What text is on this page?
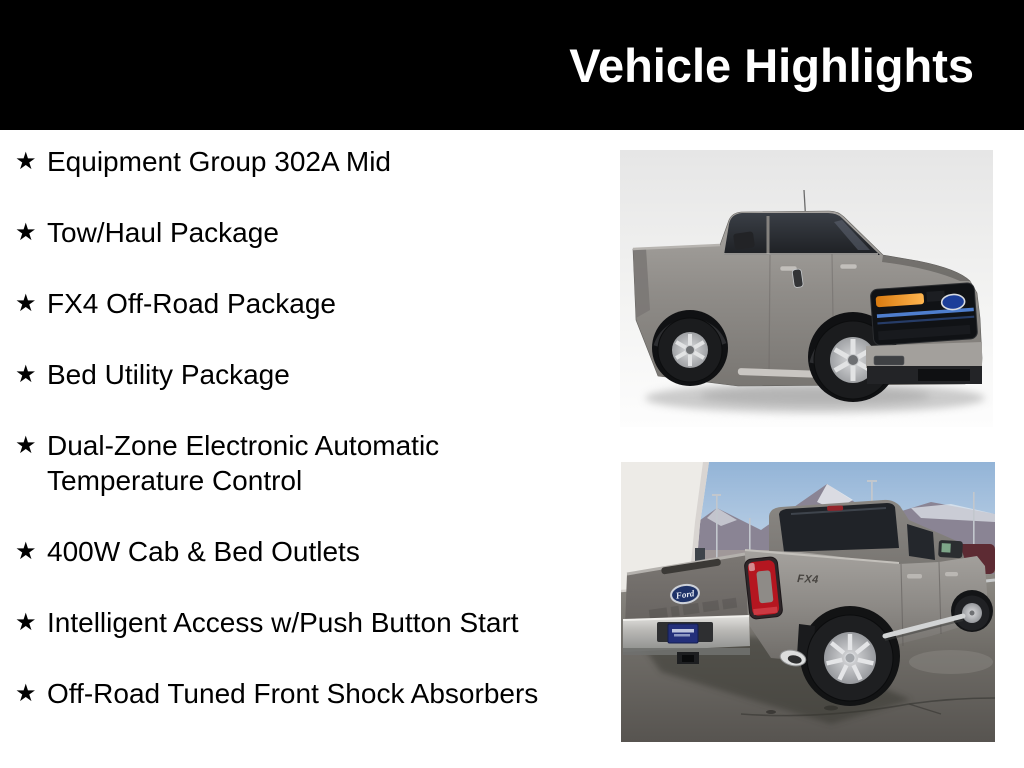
Vehicle Highlights
★ Equipment Group 302A Mid
★ Tow/Haul Package
★ FX4 Off-Road Package
★ Bed Utility Package
★ Dual-Zone Electronic Automatic Temperature Control
★ 400W Cab & Bed Outlets
★ Intelligent Access w/Push Button Start
★ Off-Road Tuned Front Shock Absorbers
FX4
Ford
